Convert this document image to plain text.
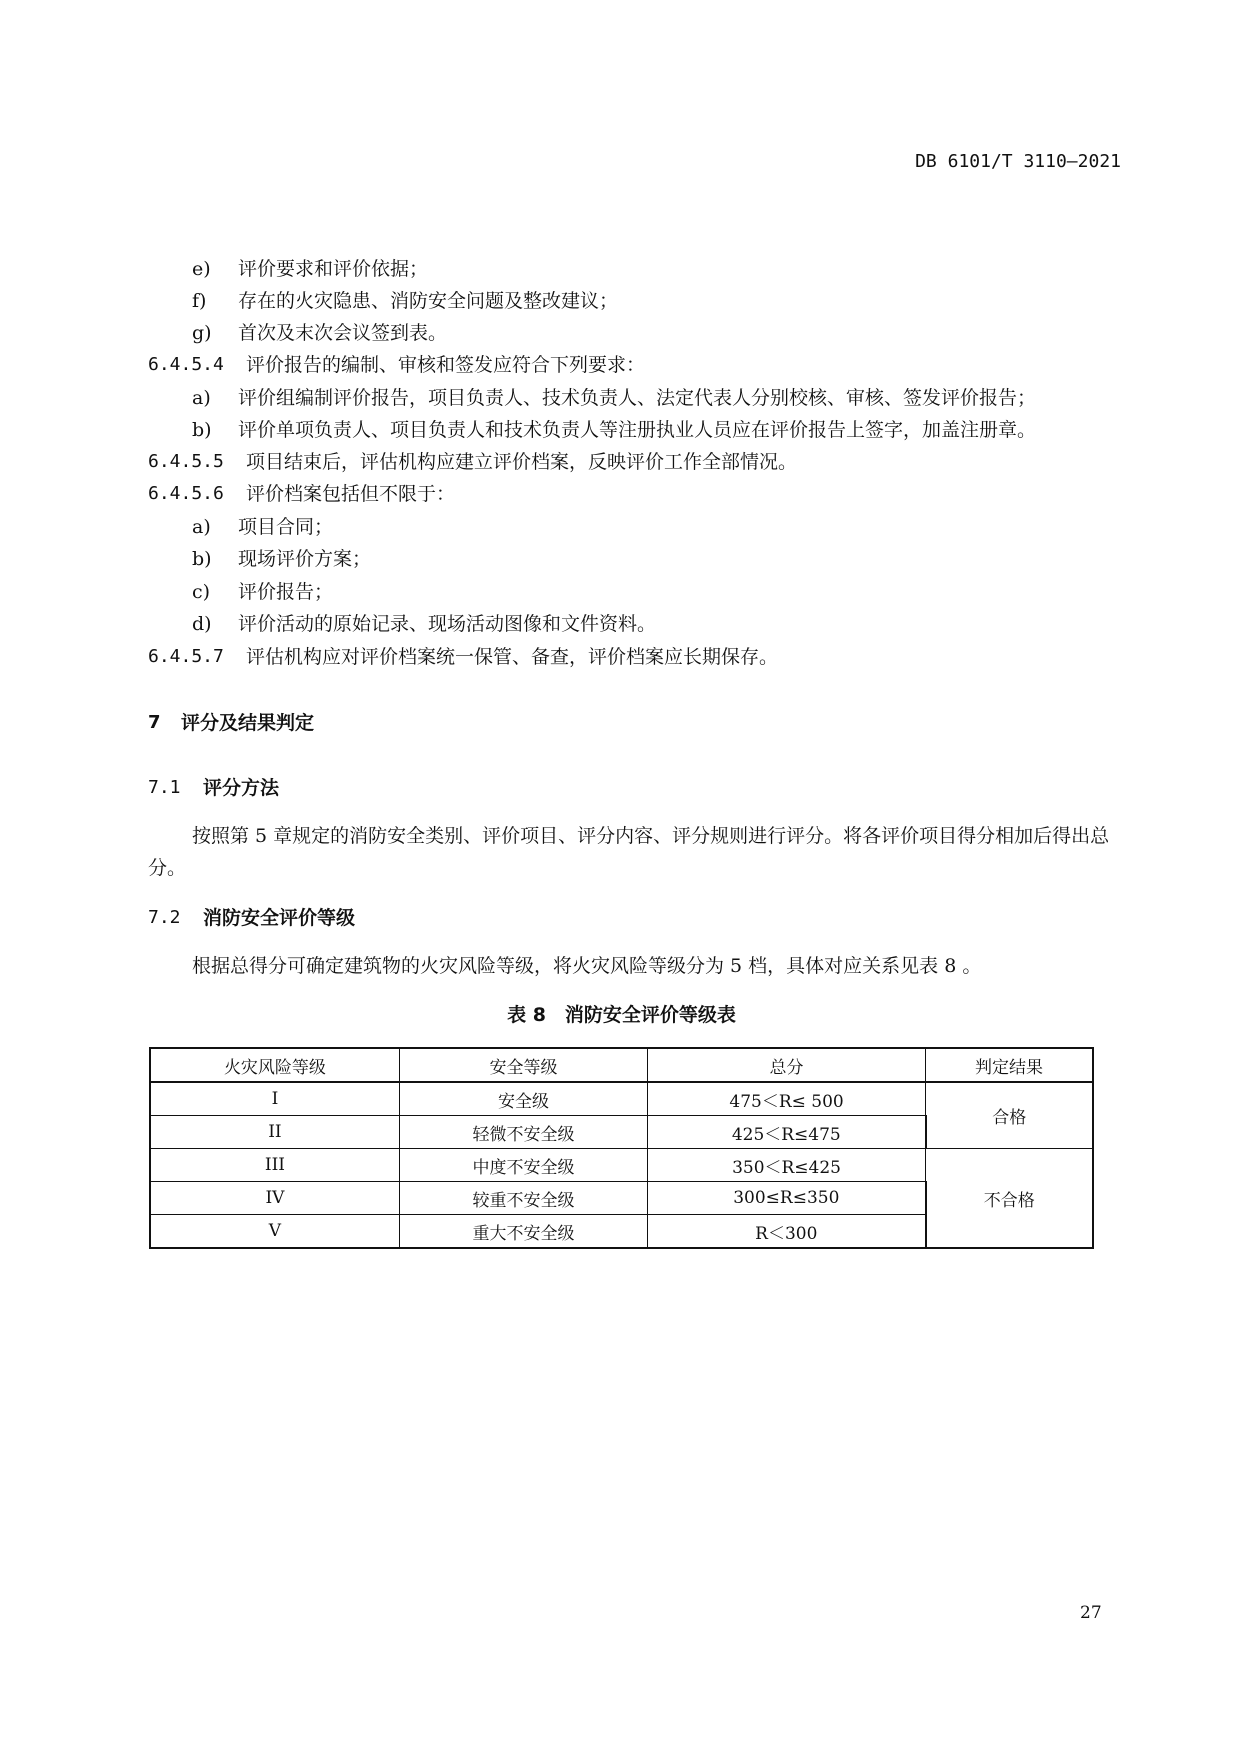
DB 6101/T 3110—2021
e) 评价要求和评价依据；
f) 存在的火灾隐患、消防安全问题及整改建议；
g) 首次及末次会议签到表。
6.4.5.4 评价报告的编制、审核和签发应符合下列要求：
a) 评价组编制评价报告，项目负责人、技术负责人、法定代表人分别校核、审核、签发评价报告；
b) 评价单项负责人、项目负责人和技术负责人等注册执业人员应在评价报告上签字，加盖注册章。
6.4.5.5 项目结束后，评估机构应建立评价档案，反映评价工作全部情况。
6.4.5.6 评价档案包括但不限于：
a) 项目合同；
b) 现场评价方案；
c) 评价报告；
d) 评价活动的原始记录、现场活动图像和文件资料。
6.4.5.7 评估机构应对评价档案统一保管、备查，评价档案应长期保存。
7 评分及结果判定
7.1 评分方法
按照第 5 章规定的消防安全类别、评价项目、评分内容、评分规则进行评分。将各评价项目得分相加后得出总分。
7.2 消防安全评价等级
根据总得分可确定建筑物的火灾风险等级，将火灾风险等级分为 5 档，具体对应关系见表 8 。
表 8　消防安全评价等级表
火灾风险等级	安全等级	总分	判定结果
I	安全级	475＜R≤ 500	合格
II	轻微不安全级	425＜R≤475	
III	中度不安全级	350＜R≤425	不合格
IV	较重不安全级	300≤R≤350	
V	重大不安全级	R＜300	
27
